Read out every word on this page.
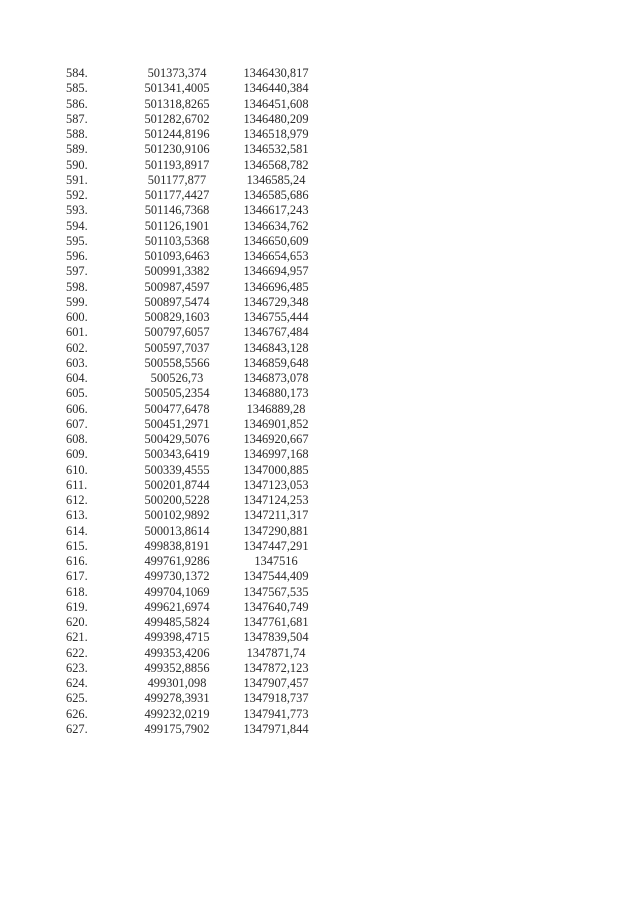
584.	501373,374	1346430,817
585.	501341,4005	1346440,384
586.	501318,8265	1346451,608
587.	501282,6702	1346480,209
588.	501244,8196	1346518,979
589.	501230,9106	1346532,581
590.	501193,8917	1346568,782
591.	501177,877	1346585,24
592.	501177,4427	1346585,686
593.	501146,7368	1346617,243
594.	501126,1901	1346634,762
595.	501103,5368	1346650,609
596.	501093,6463	1346654,653
597.	500991,3382	1346694,957
598.	500987,4597	1346696,485
599.	500897,5474	1346729,348
600.	500829,1603	1346755,444
601.	500797,6057	1346767,484
602.	500597,7037	1346843,128
603.	500558,5566	1346859,648
604.	500526,73	1346873,078
605.	500505,2354	1346880,173
606.	500477,6478	1346889,28
607.	500451,2971	1346901,852
608.	500429,5076	1346920,667
609.	500343,6419	1346997,168
610.	500339,4555	1347000,885
611.	500201,8744	1347123,053
612.	500200,5228	1347124,253
613.	500102,9892	1347211,317
614.	500013,8614	1347290,881
615.	499838,8191	1347447,291
616.	499761,9286	1347516
617.	499730,1372	1347544,409
618.	499704,1069	1347567,535
619.	499621,6974	1347640,749
620.	499485,5824	1347761,681
621.	499398,4715	1347839,504
622.	499353,4206	1347871,74
623.	499352,8856	1347872,123
624.	499301,098	1347907,457
625.	499278,3931	1347918,737
626.	499232,0219	1347941,773
627.	499175,7902	1347971,844
